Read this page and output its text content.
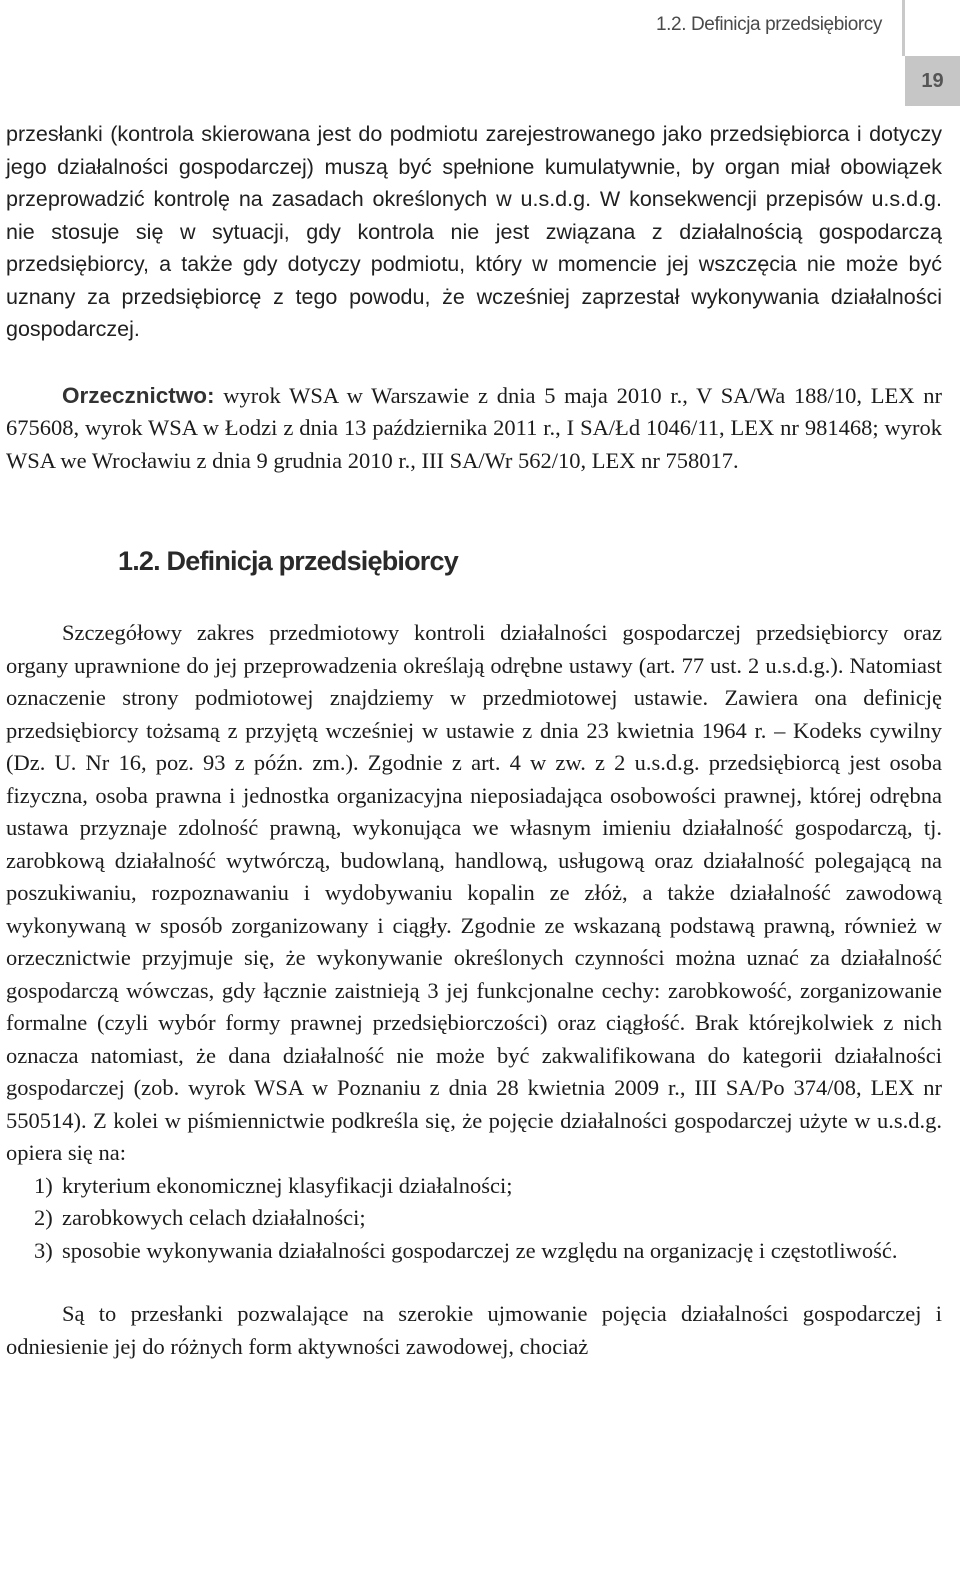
1.2. Definicja przedsiębiorcy
19

przesłanki (kontrola skierowana jest do podmiotu zarejestrowanego jako przedsiębiorca i dotyczy jego działalności gospodarczej) muszą być spełnione kumulatywnie, by organ miał obowiązek przeprowadzić kontrolę na zasadach określonych w u.s.d.g. W konsekwencji przepisów u.s.d.g. nie stosuje się w sytuacji, gdy kontrola nie jest związana z działalnością gospodarczą przedsiębiorcy, a także gdy dotyczy podmiotu, który w momencie jej wszczęcia nie może być uznany za przedsiębiorcę z tego powodu, że wcześniej zaprzestał wykonywania działalności gospodarczej.

Orzecznictwo: wyrok WSA w Warszawie z dnia 5 maja 2010 r., V SA/Wa 188/10, LEX nr 675608, wyrok WSA w Łodzi z dnia 13 października 2011 r., I SA/Łd 1046/11, LEX nr 981468; wyrok WSA we Wrocławiu z dnia 9 grudnia 2010 r., III SA/Wr 562/10, LEX nr 758017.

1.2. Definicja przedsiębiorcy

Szczegółowy zakres przedmiotowy kontroli działalności gospodarczej przedsiębiorcy oraz organy uprawnione do jej przeprowadzenia określają odrębne ustawy (art. 77 ust. 2 u.s.d.g.). Natomiast oznaczenie strony podmiotowej znajdziemy w przedmiotowej ustawie. Zawiera ona definicję przedsiębiorcy tożsamą z przyjętą wcześniej w ustawie z dnia 23 kwietnia 1964 r. – Kodeks cywilny (Dz. U. Nr 16, poz. 93 z późn. zm.). Zgodnie z art. 4 w zw. z 2 u.s.d.g. przedsiębiorcą jest osoba fizyczna, osoba prawna i jednostka organizacyjna nieposiadająca osobowości prawnej, której odrębna ustawa przyznaje zdolność prawną, wykonująca we własnym imieniu działalność gospodarczą, tj. zarobkową działalność wytwórczą, budowlaną, handlową, usługową oraz działalność polegającą na poszukiwaniu, rozpoznawaniu i wydobywaniu kopalin ze złóż, a także działalność zawodową wykonywaną w sposób zorganizowany i ciągły. Zgodnie ze wskazaną podstawą prawną, również w orzecznictwie przyjmuje się, że wykonywanie określonych czynności można uznać za działalność gospodarczą wówczas, gdy łącznie zaistnieją 3 jej funkcjonalne cechy: zarobkowość, zorganizowanie formalne (czyli wybór formy prawnej przedsiębiorczości) oraz ciągłość. Brak którejkolwiek z nich oznacza natomiast, że dana działalność nie może być zakwalifikowana do kategorii działalności gospodarczej (zob. wyrok WSA w Poznaniu z dnia 28 kwietnia 2009 r., III SA/Po 374/08, LEX nr 550514). Z kolei w piśmiennictwie podkreśla się, że pojęcie działalności gospodarczej użyte w u.s.d.g. opiera się na:

1) kryterium ekonomicznej klasyfikacji działalności;
2) zarobkowych celach działalności;
3) sposobie wykonywania działalności gospodarczej ze względu na organizację i częstotliwość.

Są to przesłanki pozwalające na szerokie ujmowanie pojęcia działalności gospodarczej i odniesienie jej do różnych form aktywności zawodowej, chociaż
